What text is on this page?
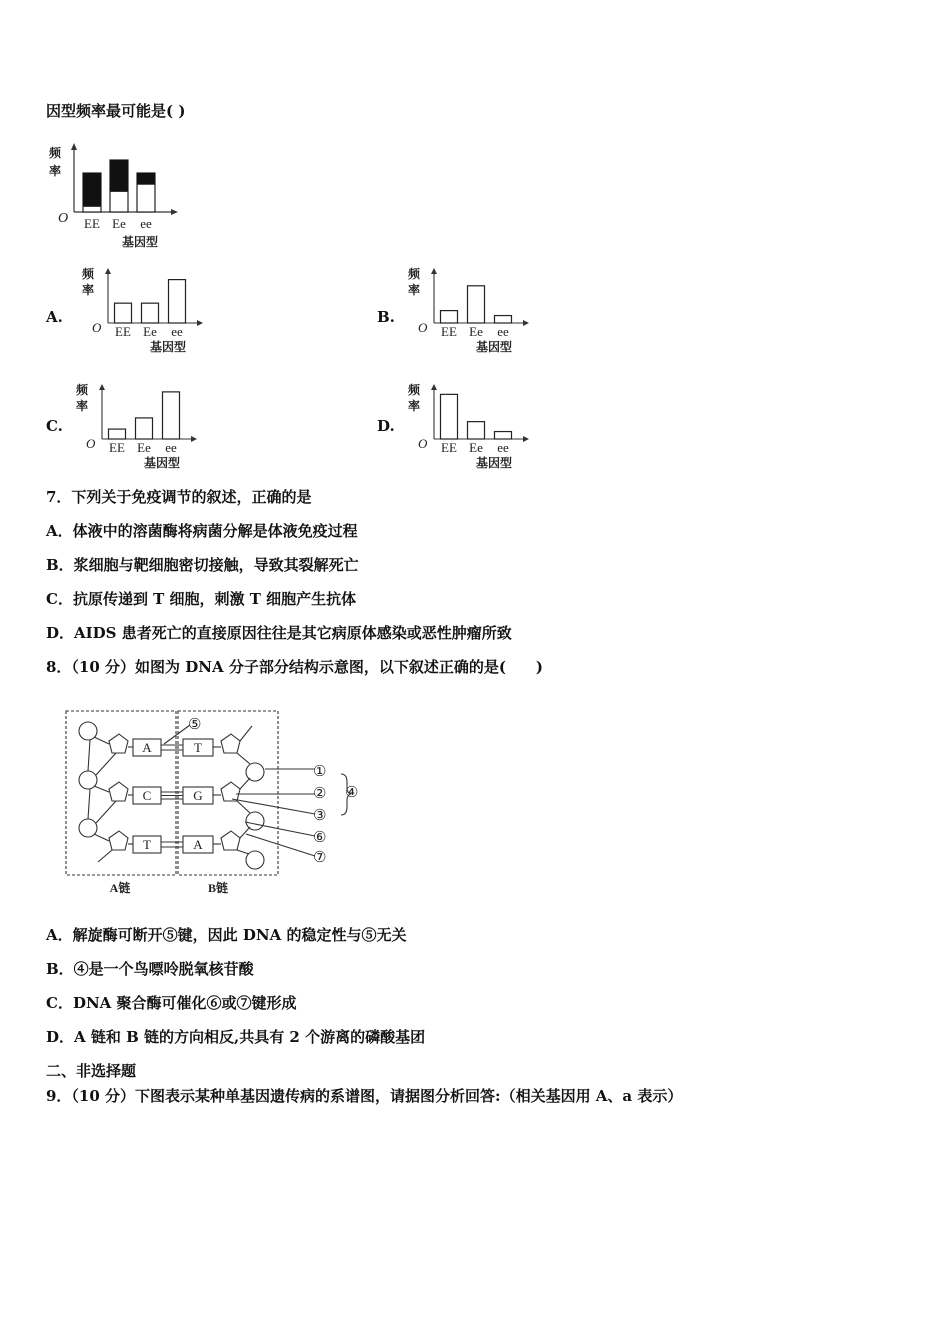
因型频率最可能是( )
频
率
O EE Ee ee
基因型
A.
频
率
O EE Ee ee
基因型
B.
频
率
O EE Ee ee
基因型
C.
频
率
O EE Ee ee
基因型
D.
频
率
O EE Ee ee
基因型
7．下列关于免疫调节的叙述，正确的是
A．体液中的溶菌酶将病菌分解是体液免疫过程
B．浆细胞与靶细胞密切接触，导致其裂解死亡
C．抗原传递到 T 细胞，刺激 T 细胞产生抗体
D．AIDS 患者死亡的直接原因往往是其它病原体感染或恶性肿瘤所致
8．（10 分）如图为 DNA 分子部分结构示意图，以下叙述正确的是(　　)
A
C
T
T
G
A
⑤
①
②
③
④
⑥
⑦
A链	B链
A．解旋酶可断开⑤键，因此 DNA 的稳定性与⑤无关
B．④是一个鸟嘌呤脱氧核苷酸
C．DNA 聚合酶可催化⑥或⑦键形成
D．A 链和 B 链的方向相反,共具有 2 个游离的磷酸基团
二、非选择题
9．（10 分）下图表示某种单基因遗传病的系谱图，请据图分析回答:（相关基因用 A、a 表示）
